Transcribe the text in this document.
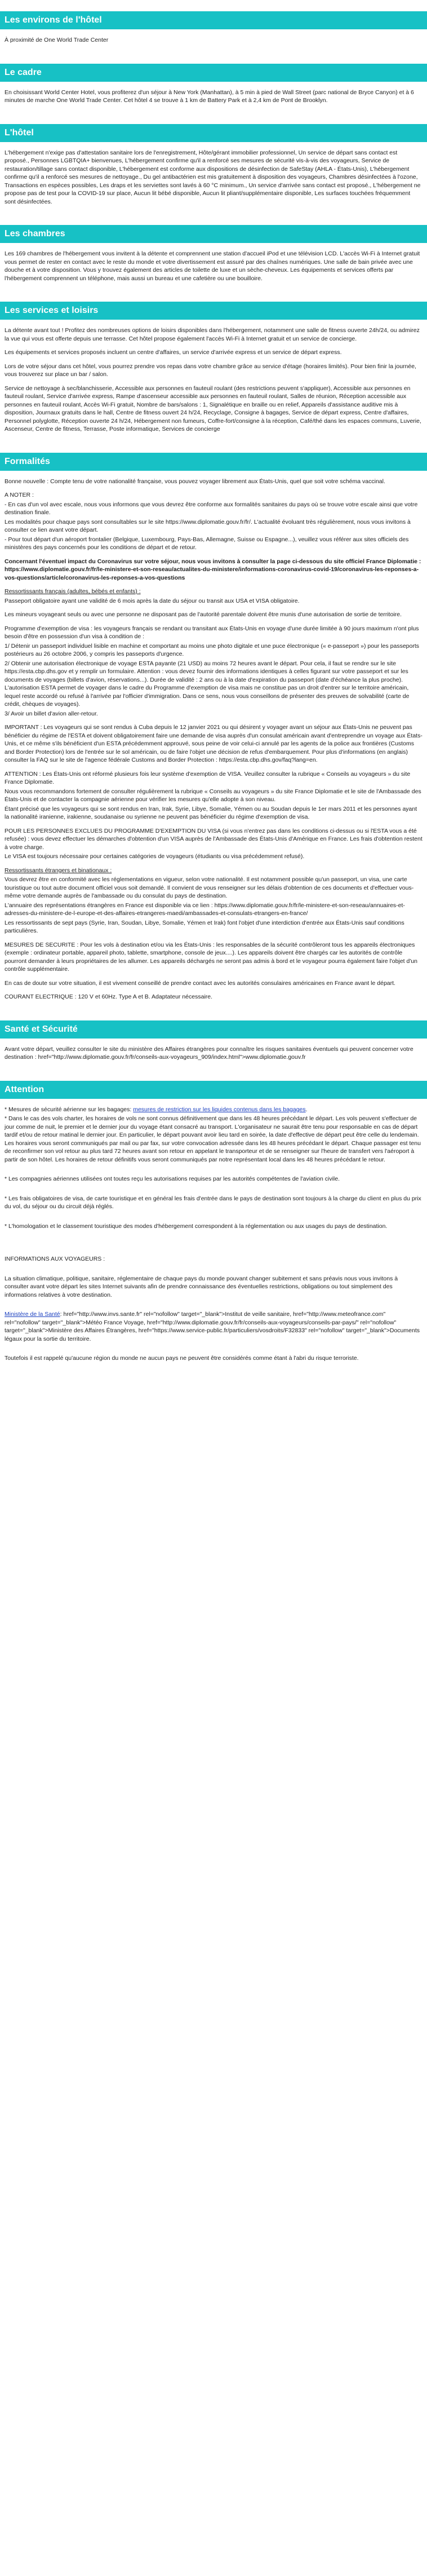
Les environs de l'hôtel

À proximité de One World Trade Center

Le cadre

En choisissant World Center Hotel, vous profiterez d'un séjour à New York (Manhattan), à 5 min à pied de Wall Street (parc national de Bryce Canyon) et à 6 minutes de marche One World Trade Center. Cet hôtel 4 se trouve à 1 km de Battery Park et à 2,4 km de Pont de Brooklyn.

L'hôtel

L'hébergement n'exige pas d'attestation sanitaire lors de l'enregistrement, Hôte/gérant immobilier professionnel, Un service de départ sans contact est proposé., Personnes LGBTQIA+ bienvenues, L'hébergement confirme qu'il a renforcé ses mesures de sécurité vis-à-vis des voyageurs, Service de restauration/tillage sans contact disponible, L'hébergement est conforme aux dispositions de désinfection de SafeStay (AHLA - États-Unis), L'hébergement confirme qu'il a renforcé ses mesures de nettoyage., Du gel antibactérien est mis gratuitement à disposition des voyageurs, Chambres désinfectées à l'ozone, Transactions en espèces possibles, Les draps et les serviettes sont lavés à 60 °C minimum., Un service d'arrivée sans contact est proposé., L'hébergement ne propose pas de test pour la COVID-19 sur place, Aucun lit bébé disponible, Aucun lit pliant/supplémentaire disponible, Les surfaces touchées fréquemment sont désinfectées.

Les chambres

Les 169 chambres de l'hébergement vous invitent à la détente et comprennent une station d'accueil iPod et une télévision LCD. L'accès Wi-Fi à Internet gratuit vous permet de rester en contact avec le reste du monde et votre divertissement est assuré par des chaînes numériques. Une salle de bain privée avec une douche et à votre disposition. Vous y trouvez également des articles de toilette de luxe et un sèche-cheveux. Les équipements et services offerts par l'hébergement comprennent un téléphone, mais aussi un bureau et une cafetière ou une bouilloire.

Les services et loisirs

La détente avant tout ! Profitez des nombreuses options de loisirs disponibles dans l'hébergement, notamment une salle de fitness ouverte 24h/24, ou admirez la vue qui vous est offerte depuis une terrasse. Cet hôtel propose également l'accès Wi-Fi à Internet gratuit et un service de concierge.

Les équipements et services proposés incluent un centre d'affaires, un service d'arrivée express et un service de départ express.

Lors de votre séjour dans cet hôtel, vous pourrez prendre vos repas dans votre chambre grâce au service d'étage (horaires limités). Pour bien finir la journée, vous trouverez sur place un bar / salon.

Service de nettoyage à sec/blanchisserie, Accessible aux personnes en fauteuil roulant (des restrictions peuvent s'appliquer), Accessible aux personnes en fauteuil roulant, Service d'arrivée express, Rampe d'ascenseur accessible aux personnes en fauteuil roulant, Salles de réunion, Réception accessible aux personnes en fauteuil roulant, Accès Wi-Fi gratuit, Nombre de bars/salons : 1, Signalétique en braille ou en relief, Appareils d'assistance auditive mis à disposition, Journaux gratuits dans le hall, Centre de fitness ouvert 24 h/24, Recyclage, Consigne à bagages, Service de départ express, Centre d'affaires, Personnel polyglotte, Réception ouverte 24 h/24, Hébergement non fumeurs, Coffre-fort/consigne à la réception, Café/thé dans les espaces communs, Luverie, Ascenseur, Centre de fitness, Terrasse, Poste informatique, Services de concierge

Formalités

Bonne nouvelle : Compte tenu de votre nationalité française, vous pouvez voyager librement aux États-Unis, quel que soit votre schéma vaccinal.

A NOTER :

- En cas d'un vol avec escale, nous vous informons que vous devrez être conforme aux formalités sanitaires du pays où se trouve votre escale ainsi que votre destination finale.

Les modalités pour chaque pays sont consultables sur le site https://www.diplomatie.gouv.fr/fr/. L'actualité évoluant très régulièrement, nous vous invitons à consulter ce lien avant votre départ.

- Pour tout départ d'un aéroport frontalier (Belgique, Luxembourg, Pays-Bas, Allemagne, Suisse ou Espagne...), veuillez vous référer aux sites officiels des ministères des pays concernés pour les conditions de départ et de retour.

Concernant l'éventuel impact du Coronavirus sur votre séjour, nous vous invitons à consulter la page ci-dessous du site officiel France Diplomatie : https://www.diplomatie.gouv.fr/fr/le-ministere-et-son-reseau/actualites-du-ministere/informations-coronavirus-covid-19/coronavirus-les-reponses-a-vos-questions/article/coronavirus-les-reponses-a-vos-questions

Ressortissants français (adultes, bébés et enfants) :

Passeport obligatoire ayant une validité de 6 mois après la date du séjour ou transit aux USA et VISA obligatoire.

Les mineurs voyageant seuls ou avec une personne ne disposant pas de l'autorité parentale doivent être munis d'une autorisation de sortie de territoire.

Programme d'exemption de visa : les voyageurs français se rendant ou transitant aux États-Unis en voyage d'une durée limitée à 90 jours maximum n'ont plus besoin d'être en possession d'un visa à condition de :

1/ Détenir un passeport individuel lisible en machine et comportant au moins une photo digitale et une puce électronique (« e-passeport ») pour les passeports postérieurs au 26 octobre 2006, y compris les passeports d'urgence.

2/ Obtenir une autorisation électronique de voyage ESTA payante (21 USD) au moins 72 heures avant le départ. Pour cela, il faut se rendre sur le site https://esta.cbp.dhs.gov et y remplir un formulaire. Attention : vous devez fournir des informations identiques à celles figurant sur votre passeport et sur les documents de voyages (billets d'avion, réservations...). Durée de validité : 2 ans ou à la date d'expiration du passeport (date d'échéance la plus proche). L'autorisation ESTA permet de voyager dans le cadre du Programme d'exemption de visa mais ne constitue pas un droit d'entrer sur le territoire américain, lequel reste accordé ou refusé à l'arrivée par l'officier d'immigration. Dans ce sens, nous vous conseillons de présenter des preuves de solvabilité (carte de crédit, chèques de voyages).

3/ Avoir un billet d'avion aller-retour.

IMPORTANT : Les voyageurs qui se sont rendus à Cuba depuis le 12 janvier 2021 ou qui désirent y voyager avant un séjour aux États-Unis ne peuvent pas bénéficier du régime de l'ESTA et doivent obligatoirement faire une demande de visa auprès d'un consulat américain avant d'entreprendre un voyage aux États-Unis, et ce même s'ils bénéficient d'un ESTA précédemment approuvé, sous peine de voir celui-ci annulé par les agents de la police aux frontières (Customs and Border Protection) lors de l'entrée sur le sol américain, ou de faire l'objet une décision de refus d'embarquement. Pour plus d'informations (en anglais) consulter la FAQ sur le site de l'agence fédérale Customs and Border Protection : https://esta.cbp.dhs.gov/faq?lang=en.

ATTENTION : Les États-Unis ont réformé plusieurs fois leur système d'exemption de VISA. Veuillez consulter la rubrique « Conseils au voyageurs » du site France Diplomatie.

Nous vous recommandons fortement de consulter régulièrement la rubrique « Conseils au voyageurs » du site France Diplomatie et le site de l'Ambassade des États-Unis et de contacter la compagnie aérienne pour vérifier les mesures qu'elle adopte à son niveau.

Étant précisé que les voyageurs qui se sont rendus en Iran, Irak, Syrie, Libye, Somalie, Yémen ou au Soudan depuis le 1er mars 2011 et les personnes ayant la nationalité iranienne, irakienne, soudanaise ou syrienne ne peuvent pas bénéficier du régime d'exemption de visa.

POUR LES PERSONNES EXCLUES DU PROGRAMME D'EXEMPTION DU VISA (si vous n'entrez pas dans les conditions ci-dessus ou si l'ESTA vous a été refusée) : vous devez effectuer les démarches d'obtention d'un VISA auprès de l'Ambassade des États-Unis d'Amérique en France. Les frais d'obtention restent à votre charge.

Le VISA est toujours nécessaire pour certaines catégories de voyageurs (étudiants ou visa précédemment refusé).

Ressortissants étrangers et binationaux :

Vous devrez être en conformité avec les réglementations en vigueur, selon votre nationalité. Il est notamment possible qu'un passeport, un visa, une carte touristique ou tout autre document officiel vous soit demandé. Il convient de vous renseigner sur les délais d'obtention de ces documents et d'effectuer vous-même votre demande auprès de l'ambassade ou du consulat du pays de destination.

L'annuaire des représentations étrangères en France est disponible via ce lien : https://www.diplomatie.gouv.fr/fr/le-ministere-et-son-reseau/annuaires-et-adresses-du-ministere-de-l-europe-et-des-affaires-etrangeres-maedi/ambassades-et-consulats-etrangers-en-france/

Les ressortissants de sept pays (Syrie, Iran, Soudan, Libye, Somalie, Yémen et Irak) font l'objet d'une interdiction d'entrée aux États-Unis sauf conditions particulières.

MESURES DE SECURITE : Pour les vols à destination et/ou via les États-Unis : les responsables de la sécurité contrôleront tous les appareils électroniques (exemple : ordinateur portable, appareil photo, tablette, smartphone, console de jeux....). Les appareils doivent être chargés car les autorités de contrôle pourront demander à leurs propriétaires de les allumer. Les appareils déchargés ne seront pas admis à bord et le voyageur pourra également faire l'objet d'un contrôle supplémentaire.

En cas de doute sur votre situation, il est vivement conseillé de prendre contact avec les autorités consulaires américaines en France avant le départ.

COURANT ELECTRIQUE : 120 V et 60Hz. Type A et B. Adaptateur nécessaire.

Santé et Sécurité

Avant votre départ, veuillez consulter le site du ministère des Affaires étrangères pour connaître les risques sanitaires éventuels qui peuvent concerner votre destination : href="http://www.diplomatie.gouv.fr/fr/conseils-aux-voyageurs_909/index.html">www.diplomatie.gouv.fr

Attention

* Mesures de sécurité aérienne sur les bagages: mesures de restriction sur les liquides contenus dans les bagages.

* Dans le cas des vols charter, les horaires de vols ne sont connus définitivement que dans les 48 heures précédant le départ. Les vols peuvent s'effectuer de jour comme de nuit, le premier et le dernier jour du voyage étant consacré au transport. L'organisateur ne saurait être tenu pour responsable en cas de départ tardif et/ou de retour matinal le dernier jour. En particulier, le départ pouvant avoir lieu tard en soirée, la date d'effective de départ peut être celle du lendemain. Les horaires vous seront communiqués par mail ou par fax, sur votre convocation adressée dans les 48 heures précédant le départ. Chaque passager est tenu de reconfirmer son vol retour au plus tard 72 heures avant son retour en appelant le transporteur et de se renseigner sur l'heure de transfert vers l'aéroport à partir de son hôtel. Les horaires de retour définitifs vous seront communiqués par notre représentant local dans les 48 heures précédant le retour.

* Les compagnies aériennes utilisées ont toutes reçu les autorisations requises par les autorités compétentes de l'aviation civile.

* Les frais obligatoires de visa, de carte touristique et en général les frais d'entrée dans le pays de destination sont toujours à la charge du client en plus du prix du vol, du séjour ou du circuit déjà réglés.

* L'homologation et le classement touristique des modes d'hébergement correspondent à la réglementation ou aux usages du pays de destination.

INFORMATIONS AUX VOYAGEURS :

La situation climatique, politique, sanitaire, réglementaire de chaque pays du monde pouvant changer subitement et sans préavis nous vous invitons à consulter avant votre départ les sites Internet suivants afin de prendre connaissance des éventuelles restrictions, obligations ou tout simplement des informations relatives à votre destination.

Ministère de la Santé: href="http://www.invs.sante.fr" rel="nofollow" target="_blank">Institut de veille sanitaire, href="http://www.meteofrance.com" rel="nofollow" target="_blank">Météo France Voyage, href="http://www.diplomatie.gouv.fr/fr/conseils-aux-voyageurs/conseils-par-pays/" rel="nofollow" target="_blank">Ministère des Affaires Étrangères, href="https://www.service-public.fr/particuliers/vosdroits/F32833" rel="nofollow" target="_blank">Documents légaux pour la sortie du territoire.

Toutefois il est rappelé qu'aucune région du monde ne aucun pays ne peuvent être considérés comme étant à l'abri du risque terroriste.
